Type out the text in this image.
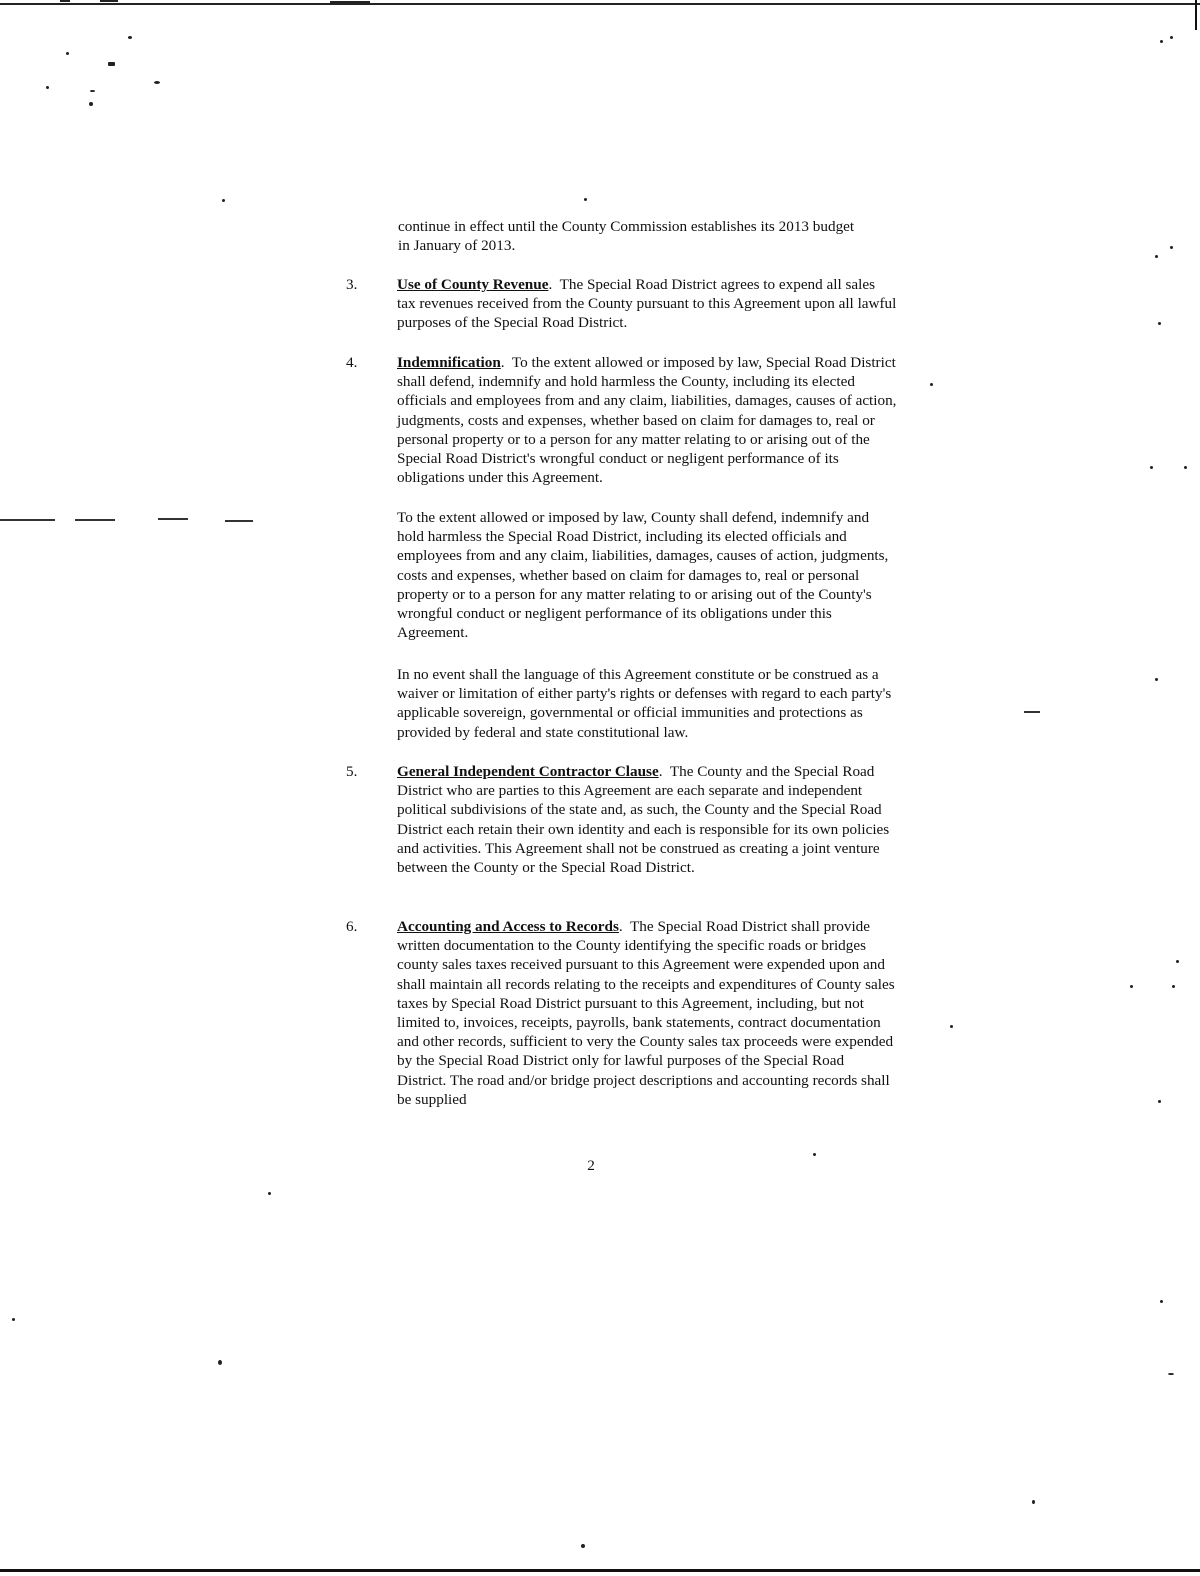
continue in effect until the County Commission establishes its 2013 budget in January of 2013.
3.	Use of County Revenue.  The Special Road District agrees to expend all sales tax revenues received from the County pursuant to this Agreement upon all lawful purposes of the Special Road District.
4.	Indemnification.  To the extent allowed or imposed by law, Special Road District shall defend, indemnify and hold harmless the County, including its elected officials and employees from and any claim, liabilities, damages, causes of action, judgments, costs and expenses, whether based on claim for damages to, real or personal property or to a person for any matter relating to or arising out of the Special Road District's wrongful conduct or negligent performance of its obligations under this Agreement.
To the extent allowed or imposed by law, County shall defend, indemnify and hold harmless the Special Road District, including its elected officials and employees from and any claim, liabilities, damages, causes of action, judgments, costs and expenses, whether based on claim for damages to, real or personal property or to a person for any matter relating to or arising out of the County's wrongful conduct or negligent performance of its obligations under this Agreement.
In no event shall the language of this Agreement constitute or be construed as a waiver or limitation of either party's rights or defenses with regard to each party's applicable sovereign, governmental or official immunities and protections as provided by federal and state constitutional law.
5.	General Independent Contractor Clause.  The County and the Special Road District who are parties to this Agreement are each separate and independent political subdivisions of the state and, as such, the County and the Special Road District each retain their own identity and each is responsible for its own policies and activities. This Agreement shall not be construed as creating a joint venture between the County or the Special Road District.
6.	Accounting and Access to Records.  The Special Road District shall provide written documentation to the County identifying the specific roads or bridges county sales taxes received pursuant to this Agreement were expended upon and shall maintain all records relating to the receipts and expenditures of County sales taxes by Special Road District pursuant to this Agreement, including, but not limited to, invoices, receipts, payrolls, bank statements, contract documentation and other records, sufficient to very the County sales tax proceeds were expended by the Special Road District only for lawful purposes of the Special Road District. The road and/or bridge project descriptions and accounting records shall be supplied
2
